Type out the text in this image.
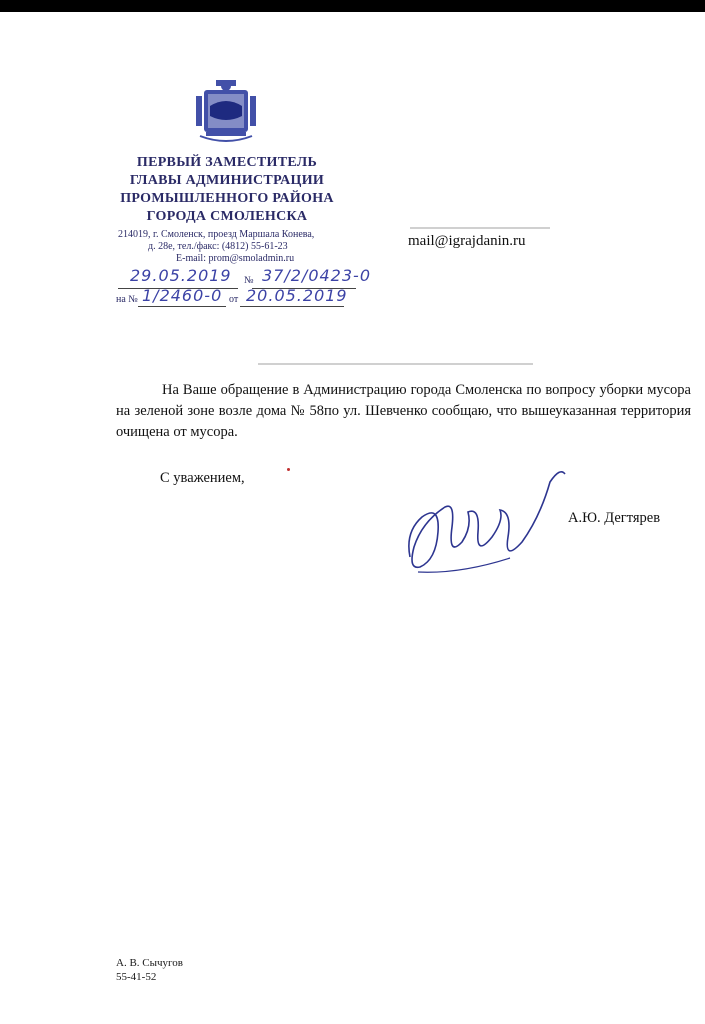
ПЕРВЫЙ ЗАМЕСТИТЕЛЬ
ГЛАВЫ АДМИНИСТРАЦИИ
ПРОМЫШЛЕННОГО РАЙОНА
ГОРОДА СМОЛЕНСКА
214019, г. Смоленск, проезд Маршала Конева,
д. 28е, тел./факс: (4812) 55-61-23
E-mail: prom@smoladmin.ru
29.05.2019 № 37/2/0423-0
на № 1/2460-0 от 20.05.2019
mail@igrajdanin.ru
На Ваше обращение в Администрацию города Смоленска по вопросу уборки мусора на зеленой зоне возле дома № 58по ул. Шевченко сообщаю, что вышеуказанная территория очищена от мусора.
С уважением,
А.Ю. Дегтярев
А. В. Сычугов
55-41-52
